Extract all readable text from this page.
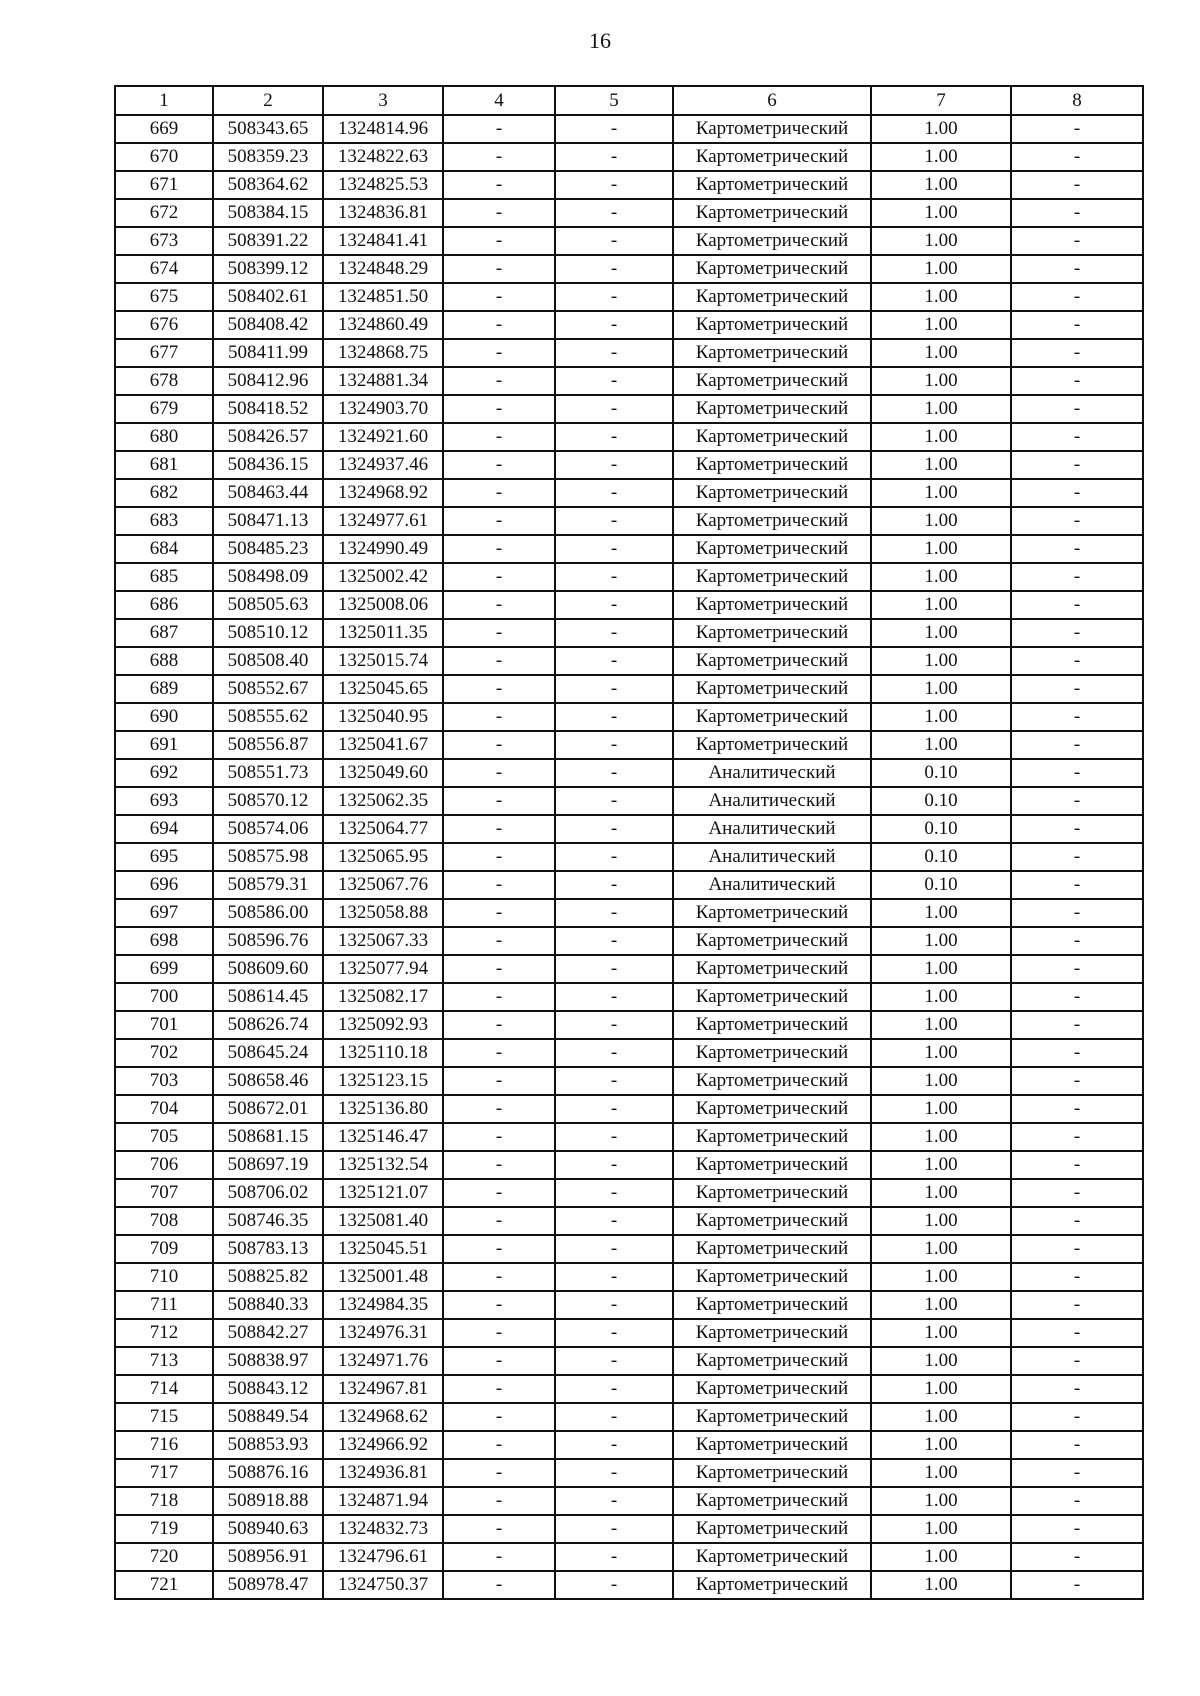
16
1	2	3	4	5	6	7	8
669	508343.65	1324814.96	-	-	Картометрический	1.00	-
670	508359.23	1324822.63	-	-	Картометрический	1.00	-
671	508364.62	1324825.53	-	-	Картометрический	1.00	-
672	508384.15	1324836.81	-	-	Картометрический	1.00	-
673	508391.22	1324841.41	-	-	Картометрический	1.00	-
674	508399.12	1324848.29	-	-	Картометрический	1.00	-
675	508402.61	1324851.50	-	-	Картометрический	1.00	-
676	508408.42	1324860.49	-	-	Картометрический	1.00	-
677	508411.99	1324868.75	-	-	Картометрический	1.00	-
678	508412.96	1324881.34	-	-	Картометрический	1.00	-
679	508418.52	1324903.70	-	-	Картометрический	1.00	-
680	508426.57	1324921.60	-	-	Картометрический	1.00	-
681	508436.15	1324937.46	-	-	Картометрический	1.00	-
682	508463.44	1324968.92	-	-	Картометрический	1.00	-
683	508471.13	1324977.61	-	-	Картометрический	1.00	-
684	508485.23	1324990.49	-	-	Картометрический	1.00	-
685	508498.09	1325002.42	-	-	Картометрический	1.00	-
686	508505.63	1325008.06	-	-	Картометрический	1.00	-
687	508510.12	1325011.35	-	-	Картометрический	1.00	-
688	508508.40	1325015.74	-	-	Картометрический	1.00	-
689	508552.67	1325045.65	-	-	Картометрический	1.00	-
690	508555.62	1325040.95	-	-	Картометрический	1.00	-
691	508556.87	1325041.67	-	-	Картометрический	1.00	-
692	508551.73	1325049.60	-	-	Аналитический	0.10	-
693	508570.12	1325062.35	-	-	Аналитический	0.10	-
694	508574.06	1325064.77	-	-	Аналитический	0.10	-
695	508575.98	1325065.95	-	-	Аналитический	0.10	-
696	508579.31	1325067.76	-	-	Аналитический	0.10	-
697	508586.00	1325058.88	-	-	Картометрический	1.00	-
698	508596.76	1325067.33	-	-	Картометрический	1.00	-
699	508609.60	1325077.94	-	-	Картометрический	1.00	-
700	508614.45	1325082.17	-	-	Картометрический	1.00	-
701	508626.74	1325092.93	-	-	Картометрический	1.00	-
702	508645.24	1325110.18	-	-	Картометрический	1.00	-
703	508658.46	1325123.15	-	-	Картометрический	1.00	-
704	508672.01	1325136.80	-	-	Картометрический	1.00	-
705	508681.15	1325146.47	-	-	Картометрический	1.00	-
706	508697.19	1325132.54	-	-	Картометрический	1.00	-
707	508706.02	1325121.07	-	-	Картометрический	1.00	-
708	508746.35	1325081.40	-	-	Картометрический	1.00	-
709	508783.13	1325045.51	-	-	Картометрический	1.00	-
710	508825.82	1325001.48	-	-	Картометрический	1.00	-
711	508840.33	1324984.35	-	-	Картометрический	1.00	-
712	508842.27	1324976.31	-	-	Картометрический	1.00	-
713	508838.97	1324971.76	-	-	Картометрический	1.00	-
714	508843.12	1324967.81	-	-	Картометрический	1.00	-
715	508849.54	1324968.62	-	-	Картометрический	1.00	-
716	508853.93	1324966.92	-	-	Картометрический	1.00	-
717	508876.16	1324936.81	-	-	Картометрический	1.00	-
718	508918.88	1324871.94	-	-	Картометрический	1.00	-
719	508940.63	1324832.73	-	-	Картометрический	1.00	-
720	508956.91	1324796.61	-	-	Картометрический	1.00	-
721	508978.47	1324750.37	-	-	Картометрический	1.00	-
